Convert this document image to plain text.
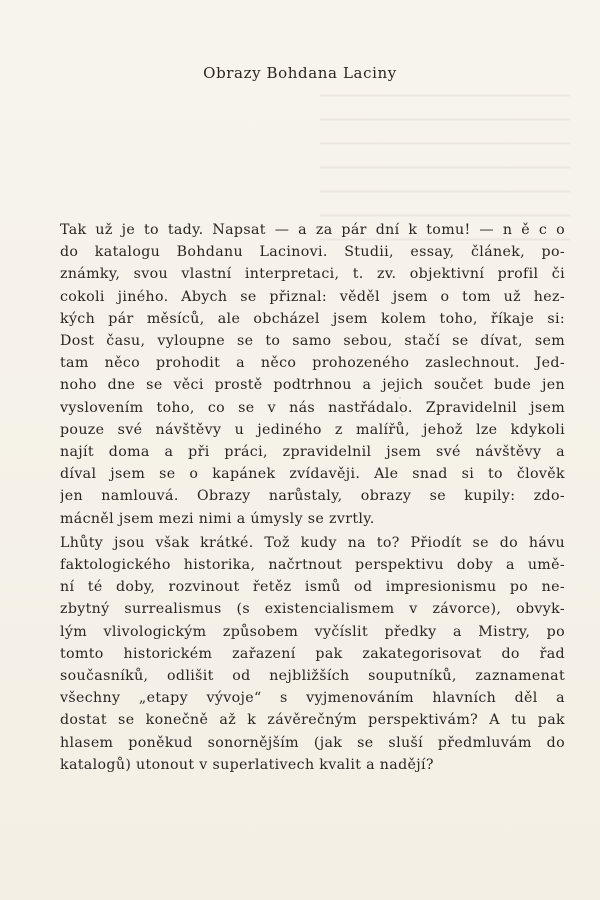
Obrazy Bohdana Laciny
Tak už je to tady. Napsat — a za pár dní k tomu! — n ě c o
do katalogu Bohdanu Lacinovi. Studii, essay, článek, po-
známky, svou vlastní interpretaci, t. zv. objektivní profil či
cokoli jiného. Abych se přiznal: věděl jsem o tom už hez-
kých pár měsíců, ale obcházel jsem kolem toho, říkaje si:
Dost času, vyloupne se to samo sebou, stačí se dívat, sem
tam něco prohodit a něco prohozeného zaslechnout. Jed-
noho dne se věci prostě podtrhnou a jejich součet bude jen
vyslovením toho, co se v nás nastřádalo. Zpravidelnil jsem
pouze své návštěvy u jediného z malířů, jehož lze kdykoli
najít doma a při práci, zpravidelnil jsem své návštěvy a
díval jsem se o kapánek zvídavěji. Ale snad si to člověk
jen namlouvá. Obrazy narůstaly, obrazy se kupily: zdo-
mácněl jsem mezi nimi a úmysly se zvrtly.
Lhůty jsou však krátké. Tož kudy na to? Přiodít se do hávu
faktologického historika, načrtnout perspektivu doby a umě-
ní té doby, rozvinout řetěz ismů od impresionismu po ne-
zbytný surrealismus (s existencialismem v závorce), obvyk-
lým vlivologickým způsobem vyčíslit předky a Mistry, po
tomto historickém zařazení pak zakategorisovat do řad
současníků, odlišit od nejbližších souputníků, zaznamenat
všechny „etapy vývoje“ s vyjmenováním hlavních děl a
dostat se konečně až k závěrečným perspektivám? A tu pak
hlasem poněkud sonornějším (jak se sluší předmluvám do
katalogů) utonout v superlativech kvalit a nadějí?
